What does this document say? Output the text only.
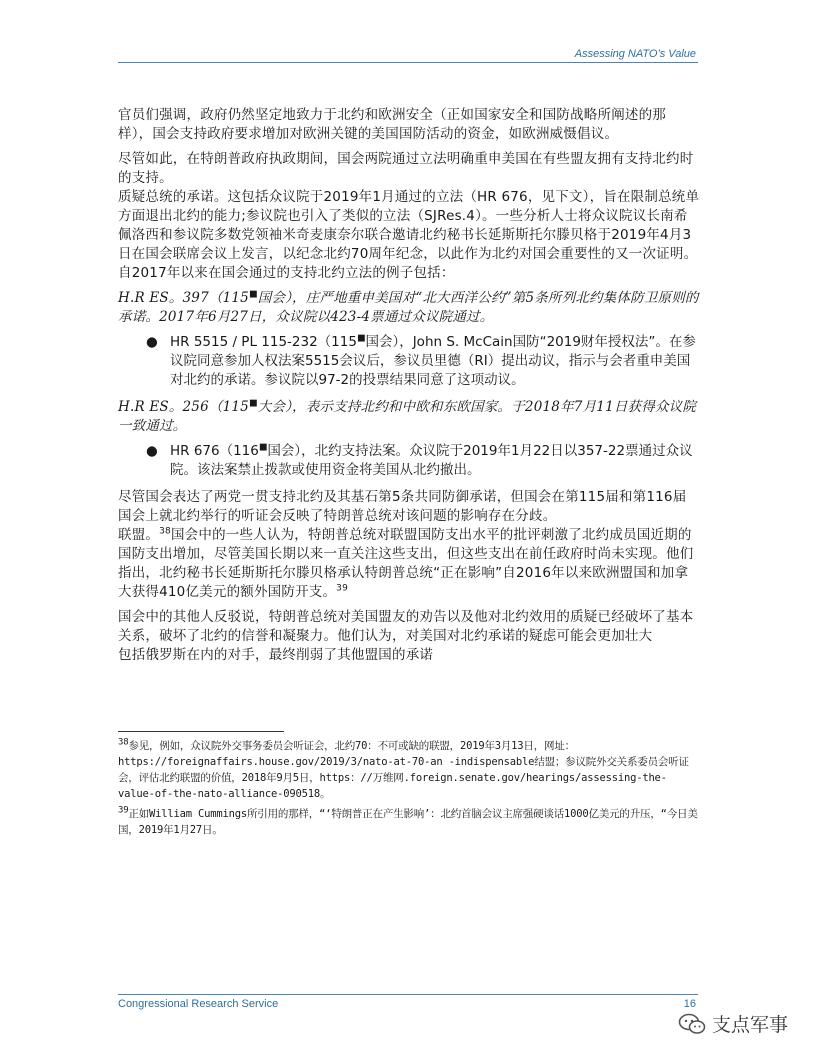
Assessing NATO’s Value

官员们强调，政府仍然坚定地致力于北约和欧洲安全（正如国家安全和国防战略所阐述的那样），国会支持政府要求增加对欧洲关键的美国国防活动的资金，如欧洲威慑倡议。

尽管如此，在特朗普政府执政期间，国会两院通过立法明确重申美国在有些盟友拥有支持北约时的支持。

质疑总统的承诺。这包括众议院于2019年1月通过的立法（HR 676，见下文），旨在限制总统单方面退出北约的能力;参议院也引入了类似的立法（SJRes.4）。一些分析人士将众议院议长南希佩洛西和参议院多数党领袖米奇麦康奈尔联合邀请北约秘书长延斯斯托尔滕贝格于2019年4月3日在国会联席会议上发言，以纪念北约70周年纪念，以此作为北约对国会重要性的又一次证明。自2017年以来在国会通过的支持北约立法的例子包括：

H.R ES。397（115■国会），庄严地重申美国对“北大西洋公约”第5条所列北约集体防卫原则的承诺。2017年6月27日，众议院以423-4票通过众议院通过。

● HR 5515 / PL 115-232（115■国会），John S. McCain国防“2019财年授权法”。在参议院同意参加人权法案5515会议后，参议员里德（RI）提出动议，指示与会者重申美国对北约的承诺。参议院以97-2的投票结果同意了这项动议。

H.R ES。256（115■大会），表示支持北约和中欧和东欧国家。于2018年7月11日获得众议院一致通过。

● HR 676（116■国会），北约支持法案。众议院于2019年1月22日以357-22票通过众议院。该法案禁止拨款或使用资金将美国从北约撤出。

尽管国会表达了两党一贯支持北约及其基石第5条共同防御承诺，但国会在第115届和第116届国会上就北约举行的听证会反映了特朗普总统对该问题的影响存在分歧。

联盟。$^{38}$国会中的一些人认为，特朗普总统对联盟国防支出水平的批评刺激了北约成员国近期的国防支出增加，尽管美国长期以来一直关注这些支出，但这些支出在前任政府时尚未实现。他们指出，北约秘书长延斯斯托尔滕贝格承认特朗普总统“正在影响”自2016年以来欧洲盟国和加拿大获得410亿美元的额外国防开支。$^{39}$

国会中的其他人反驳说，特朗普总统对美国盟友的劝告以及他对北约效用的质疑已经破坏了基本关系，破坏了北约的信誉和凝聚力。他们认为，对美国对北约承诺的疑虑可能会更加壮大

包括俄罗斯在内的对手，最终削弱了其他盟国的承诺

$^{38}$参见，例如，众议院外交事务委员会听证会，北约70：不可或缺的联盟，2019年3月13日，网址：https://foreignaffairs.house.gov/2019/3/nato-at-70-an -indispensable结盟；参议院外交关系委员会听证会，评估北约联盟的价值，2018年9月5日，https：//万维网.foreign.senate.gov/hearings/assessing-the-value-of-the-nato-alliance-090518。

$^{39}$正如William Cummings所引用的那样，“‘特朗普正在产生影响’：北约首脑会议主席强硬谈话1000亿美元的升压，“今日美国，2019年1月27日。

Congressional Research Service	16
支点军事
